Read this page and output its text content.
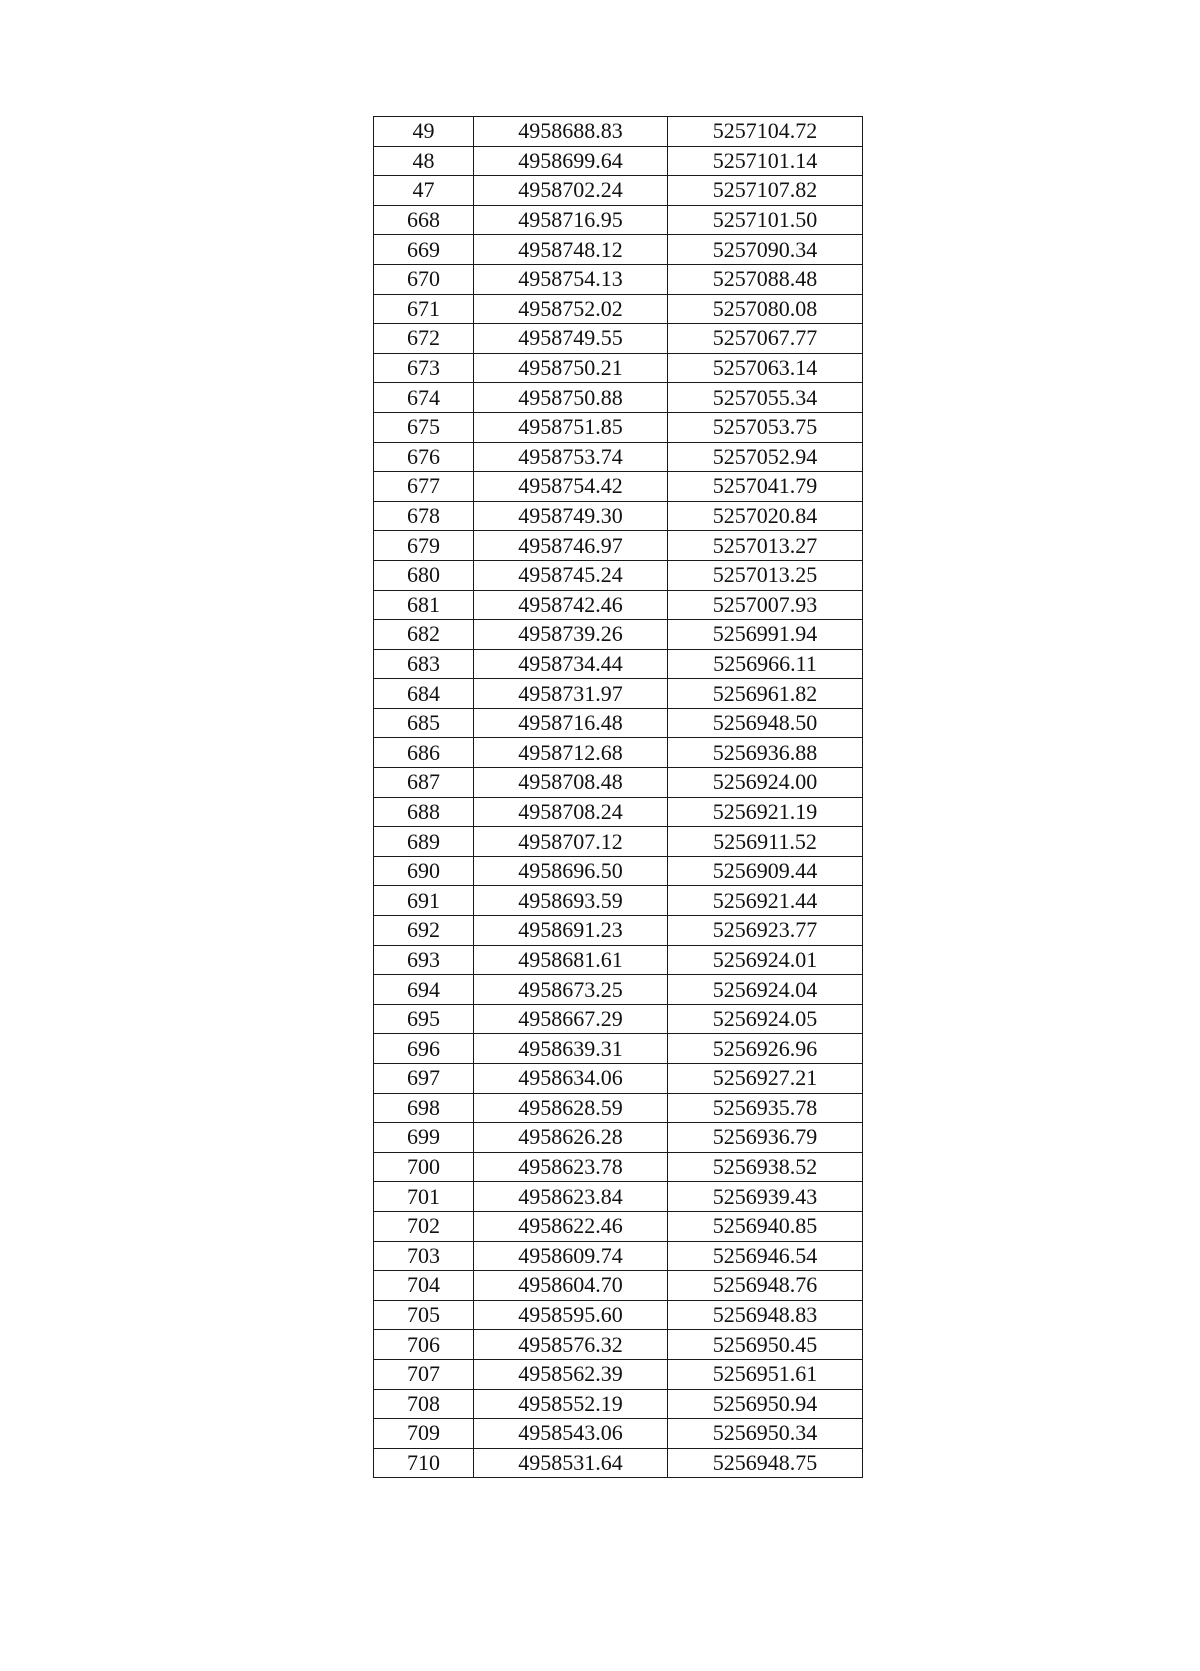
49	4958688.83	5257104.72
48	4958699.64	5257101.14
47	4958702.24	5257107.82
668	4958716.95	5257101.50
669	4958748.12	5257090.34
670	4958754.13	5257088.48
671	4958752.02	5257080.08
672	4958749.55	5257067.77
673	4958750.21	5257063.14
674	4958750.88	5257055.34
675	4958751.85	5257053.75
676	4958753.74	5257052.94
677	4958754.42	5257041.79
678	4958749.30	5257020.84
679	4958746.97	5257013.27
680	4958745.24	5257013.25
681	4958742.46	5257007.93
682	4958739.26	5256991.94
683	4958734.44	5256966.11
684	4958731.97	5256961.82
685	4958716.48	5256948.50
686	4958712.68	5256936.88
687	4958708.48	5256924.00
688	4958708.24	5256921.19
689	4958707.12	5256911.52
690	4958696.50	5256909.44
691	4958693.59	5256921.44
692	4958691.23	5256923.77
693	4958681.61	5256924.01
694	4958673.25	5256924.04
695	4958667.29	5256924.05
696	4958639.31	5256926.96
697	4958634.06	5256927.21
698	4958628.59	5256935.78
699	4958626.28	5256936.79
700	4958623.78	5256938.52
701	4958623.84	5256939.43
702	4958622.46	5256940.85
703	4958609.74	5256946.54
704	4958604.70	5256948.76
705	4958595.60	5256948.83
706	4958576.32	5256950.45
707	4958562.39	5256951.61
708	4958552.19	5256950.94
709	4958543.06	5256950.34
710	4958531.64	5256948.75
